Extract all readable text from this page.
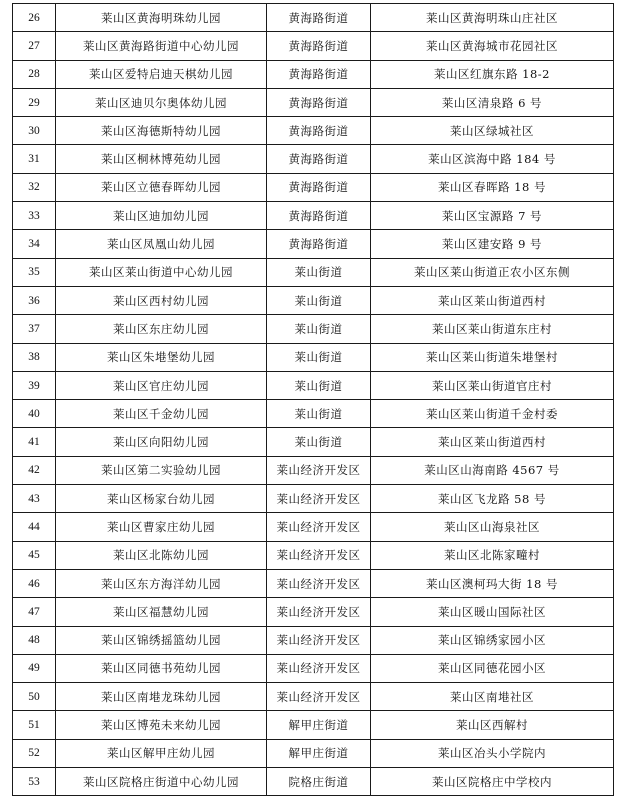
26	莱山区黄海明珠幼儿园	黄海路街道	莱山区黄海明珠山庄社区
27	莱山区黄海路街道中心幼儿园	黄海路街道	莱山区黄海城市花园社区
28	莱山区爱特启迪天棋幼儿园	黄海路街道	莱山区红旗东路 18-2
29	莱山区迪贝尔奥体幼儿园	黄海路街道	莱山区清泉路 6 号
30	莱山区海德斯特幼儿园	黄海路街道	莱山区绿城社区
31	莱山区桐林博苑幼儿园	黄海路街道	莱山区滨海中路 184 号
32	莱山区立德春晖幼儿园	黄海路街道	莱山区春晖路 18 号
33	莱山区迪加幼儿园	黄海路街道	莱山区宝源路 7 号
34	莱山区凤凰山幼儿园	黄海路街道	莱山区建安路 9 号
35	莱山区莱山街道中心幼儿园	莱山街道	莱山区莱山街道正农小区东侧
36	莱山区西村幼儿园	莱山街道	莱山区莱山街道西村
37	莱山区东庄幼儿园	莱山街道	莱山区莱山街道东庄村
38	莱山区朱塂堡幼儿园	莱山街道	莱山区莱山街道朱塂堡村
39	莱山区官庄幼儿园	莱山街道	莱山区莱山街道官庄村
40	莱山区千金幼儿园	莱山街道	莱山区莱山街道千金村委
41	莱山区向阳幼儿园	莱山街道	莱山区莱山街道西村
42	莱山区第二实验幼儿园	莱山经济开发区	莱山区山海南路 4567 号
43	莱山区杨家台幼儿园	莱山经济开发区	莱山区飞龙路 58 号
44	莱山区曹家庄幼儿园	莱山经济开发区	莱山区山海泉社区
45	莱山区北陈幼儿园	莱山经济开发区	莱山区北陈家疃村
46	莱山区东方海洋幼儿园	莱山经济开发区	莱山区澳柯玛大街 18 号
47	莱山区福慧幼儿园	莱山经济开发区	莱山区暖山国际社区
48	莱山区锦绣摇篮幼儿园	莱山经济开发区	莱山区锦绣家园小区
49	莱山区同德书苑幼儿园	莱山经济开发区	莱山区同德花园小区
50	莱山区南塂龙珠幼儿园	莱山经济开发区	莱山区南塂社区
51	莱山区博苑未来幼儿园	解甲庄街道	莱山区西解村
52	莱山区解甲庄幼儿园	解甲庄街道	莱山区冶头小学院内
53	莱山区院格庄街道中心幼儿园	院格庄街道	莱山区院格庄中学校内
